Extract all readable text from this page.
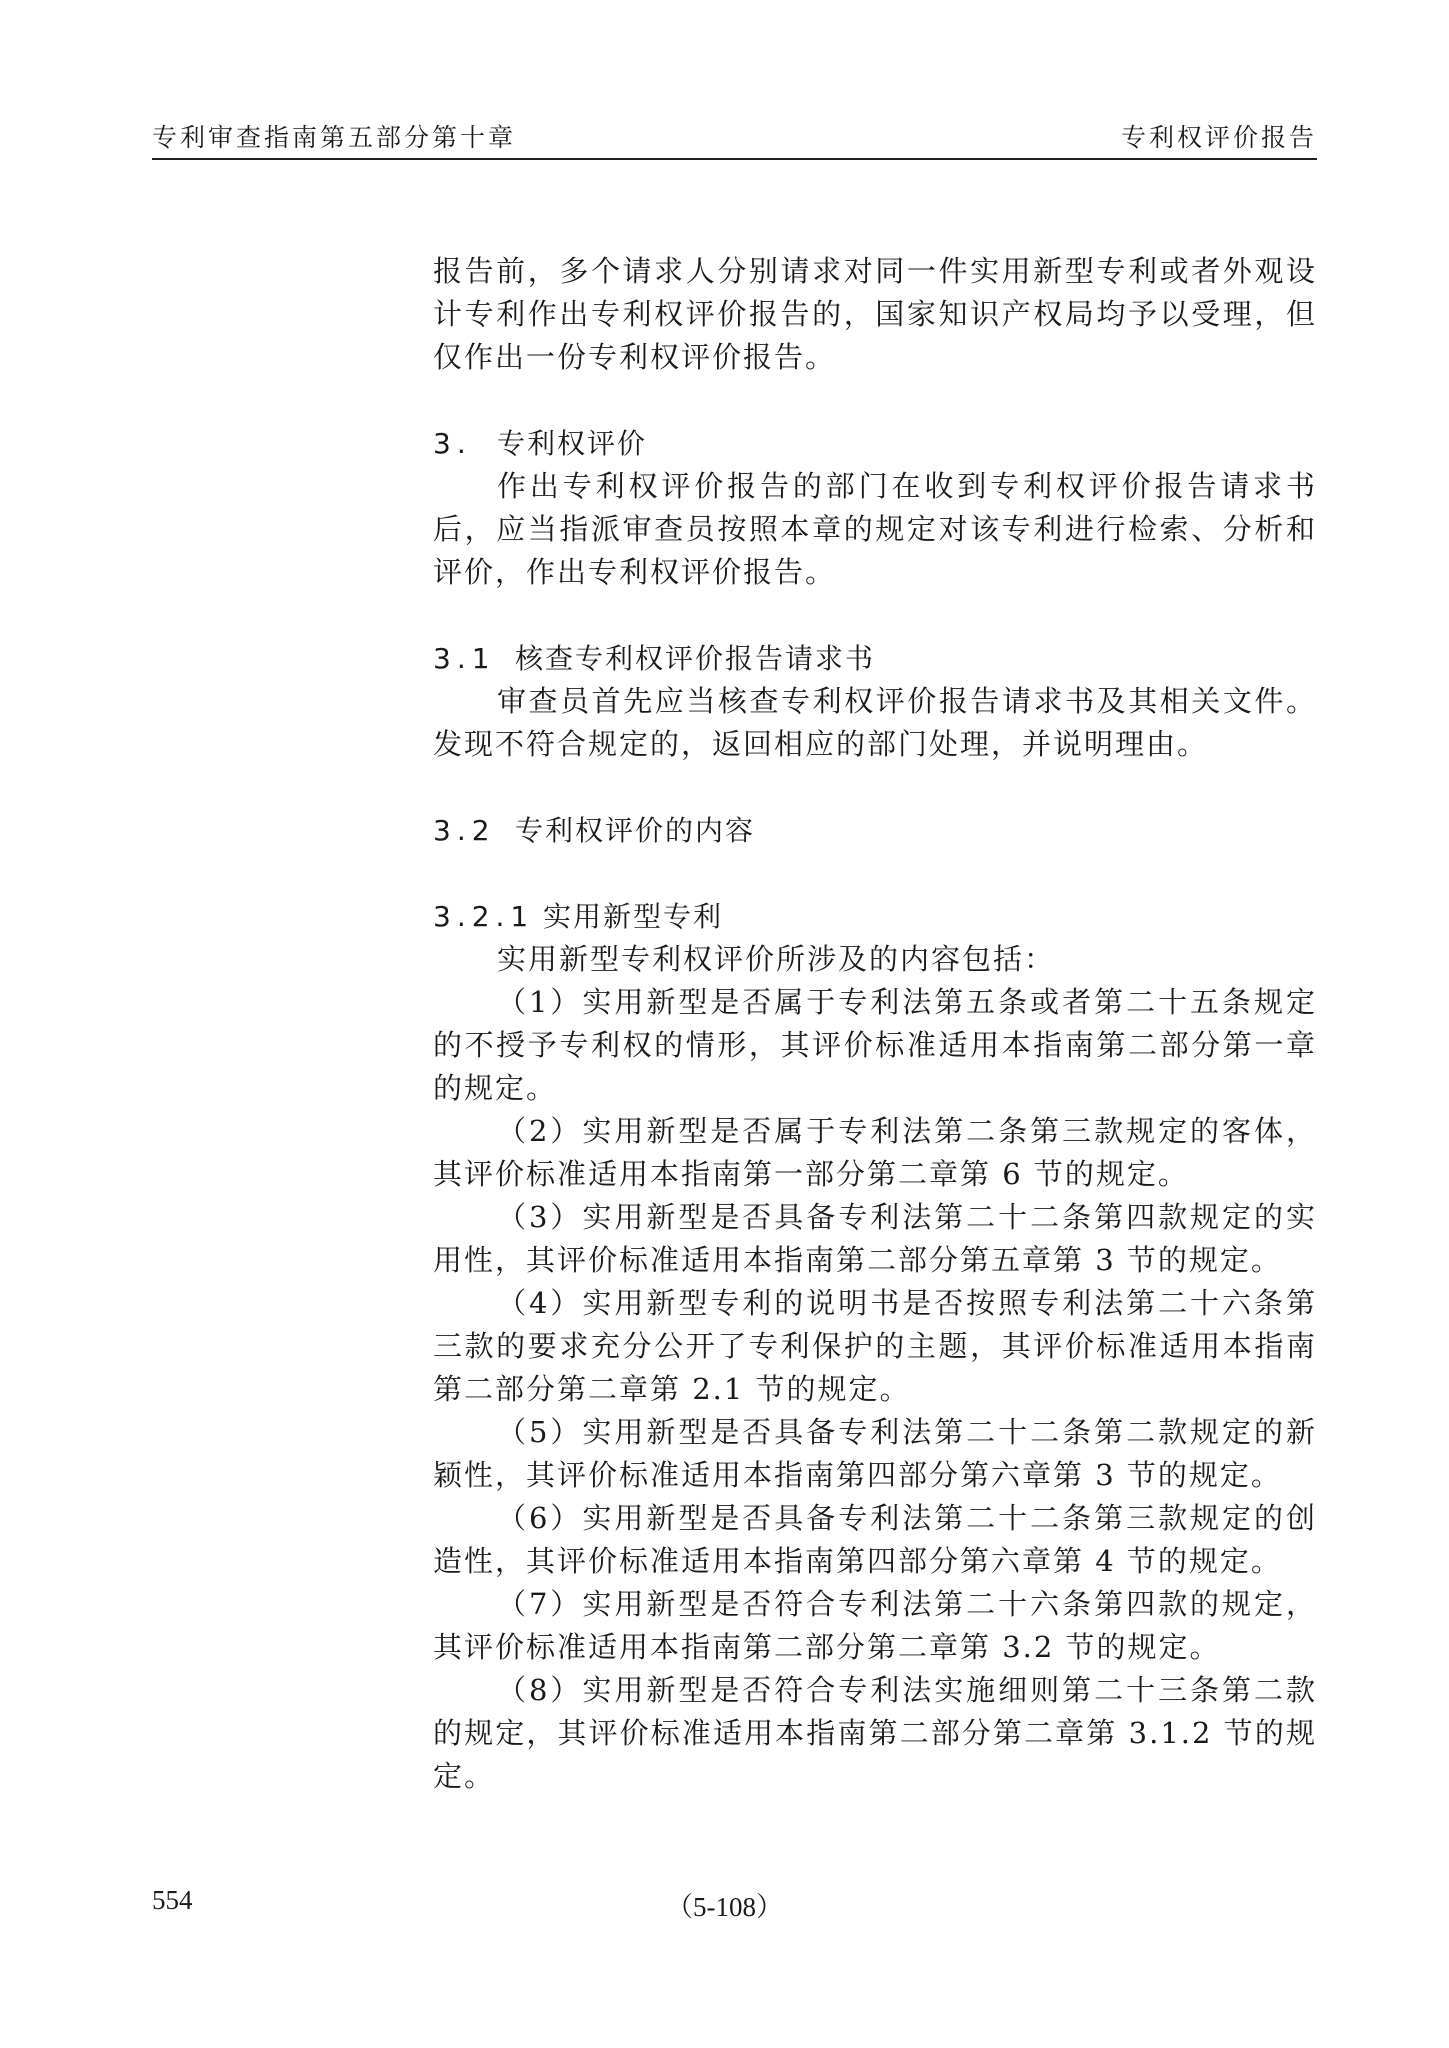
专利审查指南第五部分第十章	专利权评价报告

报告前，多个请求人分别请求对同一件实用新型专利或者外观设计专利作出专利权评价报告的，国家知识产权局均予以受理，但仅作出一份专利权评价报告。

3. 专利权评价

作出专利权评价报告的部门在收到专利权评价报告请求书后，应当指派审查员按照本章的规定对该专利进行检索、分析和评价，作出专利权评价报告。

3.1 核查专利权评价报告请求书

审查员首先应当核查专利权评价报告请求书及其相关文件。发现不符合规定的，返回相应的部门处理，并说明理由。

3.2 专利权评价的内容
3.2.1 实用新型专利

实用新型专利权评价所涉及的内容包括：

（1）实用新型是否属于专利法第五条或者第二十五条规定的不授予专利权的情形，其评价标准适用本指南第二部分第一章的规定。

（2）实用新型是否属于专利法第二条第三款规定的客体，其评价标准适用本指南第一部分第二章第 6 节的规定。

（3）实用新型是否具备专利法第二十二条第四款规定的实用性，其评价标准适用本指南第二部分第五章第 3 节的规定。

（4）实用新型专利的说明书是否按照专利法第二十六条第三款的要求充分公开了专利保护的主题，其评价标准适用本指南第二部分第二章第 2.1 节的规定。

（5）实用新型是否具备专利法第二十二条第二款规定的新颖性，其评价标准适用本指南第四部分第六章第 3 节的规定。

（6）实用新型是否具备专利法第二十二条第三款规定的创造性，其评价标准适用本指南第四部分第六章第 4 节的规定。

（7）实用新型是否符合专利法第二十六条第四款的规定，其评价标准适用本指南第二部分第二章第 3.2 节的规定。

（8）实用新型是否符合专利法实施细则第二十三条第二款的规定，其评价标准适用本指南第二部分第二章第 3.1.2 节的规定。

554	（5-108）
